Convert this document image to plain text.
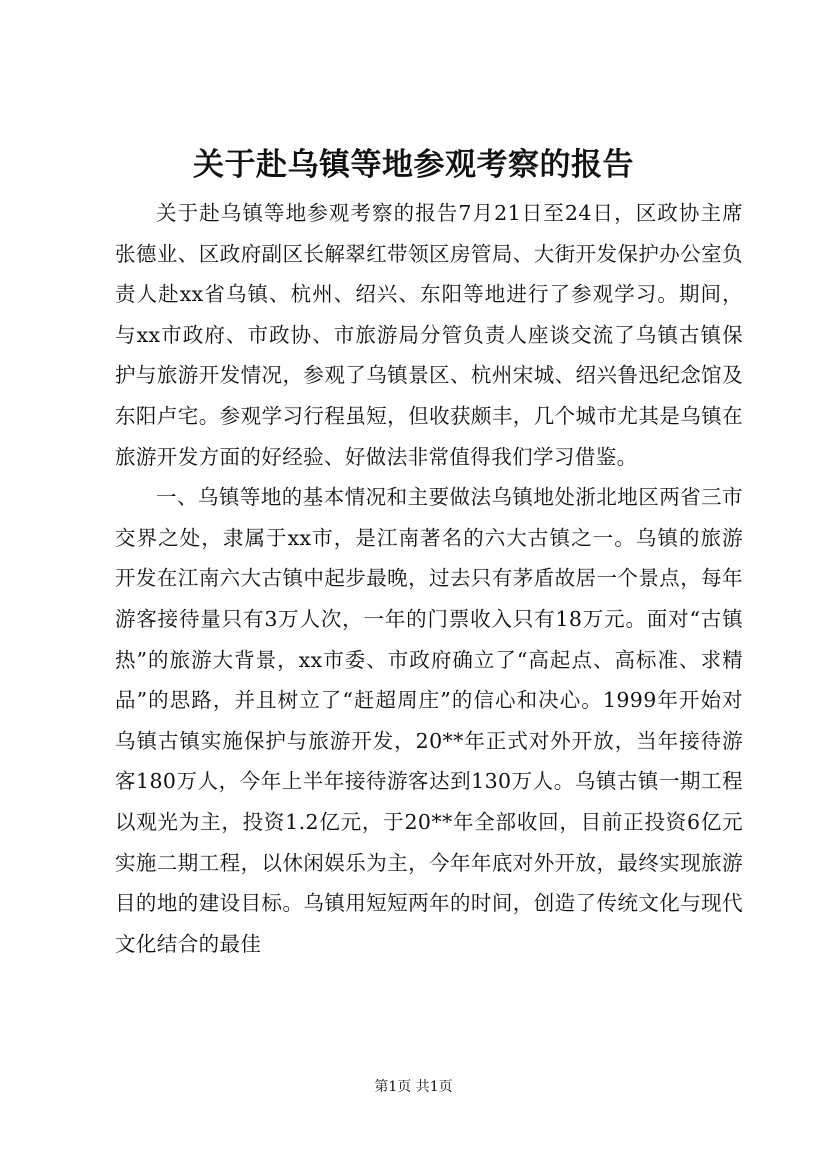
关于赴乌镇等地参观考察的报告

关于赴乌镇等地参观考察的报告7月21日至24日，区政协主席张德业、区政府副区长解翠红带领区房管局、大街开发保护办公室负责人赴xx省乌镇、杭州、绍兴、东阳等地进行了参观学习。期间，与xx市政府、市政协、市旅游局分管负责人座谈交流了乌镇古镇保护与旅游开发情况，参观了乌镇景区、杭州宋城、绍兴鲁迅纪念馆及东阳卢宅。参观学习行程虽短，但收获颇丰，几个城市尤其是乌镇在旅游开发方面的好经验、好做法非常值得我们学习借鉴。

一、乌镇等地的基本情况和主要做法乌镇地处浙北地区两省三市交界之处，隶属于xx市，是江南著名的六大古镇之一。乌镇的旅游开发在江南六大古镇中起步最晚，过去只有茅盾故居一个景点，每年游客接待量只有3万人次，一年的门票收入只有18万元。面对“古镇热”的旅游大背景，xx市委、市政府确立了“高起点、高标准、求精品”的思路，并且树立了“赶超周庄”的信心和决心。1999年开始对乌镇古镇实施保护与旅游开发，20**年正式对外开放，当年接待游客180万人，今年上半年接待游客达到130万人。乌镇古镇一期工程以观光为主，投资1.2亿元，于20**年全部收回，目前正投资6亿元实施二期工程，以休闲娱乐为主，今年年底对外开放，最终实现旅游目的地的建设目标。乌镇用短短两年的时间，创造了传统文化与现代文化结合的最佳

第1页 共1页
